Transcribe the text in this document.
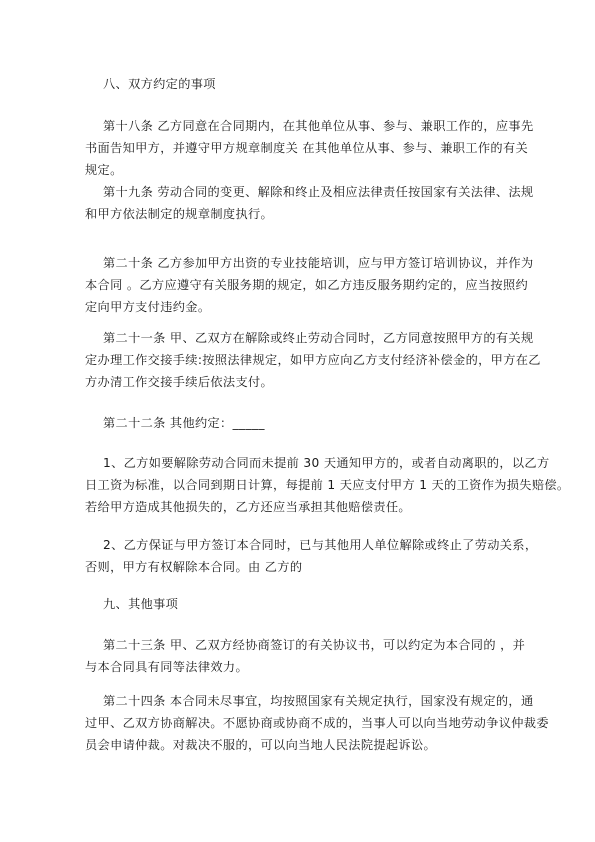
八、双方约定的事项
第十八条 乙方同意在合同期内，在其他单位从事、参与、兼职工作的，应事先
书面告知甲方，并遵守甲方规章制度关 在其他单位从事、参与、兼职工作的有关
规定。
第十九条 劳动合同的变更、解除和终止及相应法律责任按国家有关法律、法规
和甲方依法制定的规章制度执行。
第二十条 乙方参加甲方出资的专业技能培训，应与甲方签订培训协议，并作为
本合同 。乙方应遵守有关服务期的规定，如乙方违反服务期约定的，应当按照约
定向甲方支付违约金。
第二十一条 甲、乙双方在解除或终止劳动合同时，乙方同意按照甲方的有关规
定办理工作交接手续:按照法律规定，如甲方应向乙方支付经济补偿金的，甲方在乙
方办清工作交接手续后依法支付。
第二十二条 其他约定：_____
1、乙方如要解除劳动合同而未提前 30 天通知甲方的，或者自动离职的，以乙方
日工资为标准，以合同到期日计算，每提前 1 天应支付甲方 1 天的工资作为损失赔偿。
若给甲方造成其他损失的，乙方还应当承担其他赔偿责任。
2、乙方保证与甲方签订本合同时，已与其他用人单位解除或终止了劳动关系，
否则，甲方有权解除本合同。由 乙方的
九、其他事项
第二十三条 甲、乙双方经协商签订的有关协议书，可以约定为本合同的 ，并
与本合同具有同等法律效力。
第二十四条 本合同未尽事宜，均按照国家有关规定执行，国家没有规定的，通
过甲、乙双方协商解决。不愿协商或协商不成的，当事人可以向当地劳动争议仲裁委
员会申请仲裁。对裁决不服的，可以向当地人民法院提起诉讼。
